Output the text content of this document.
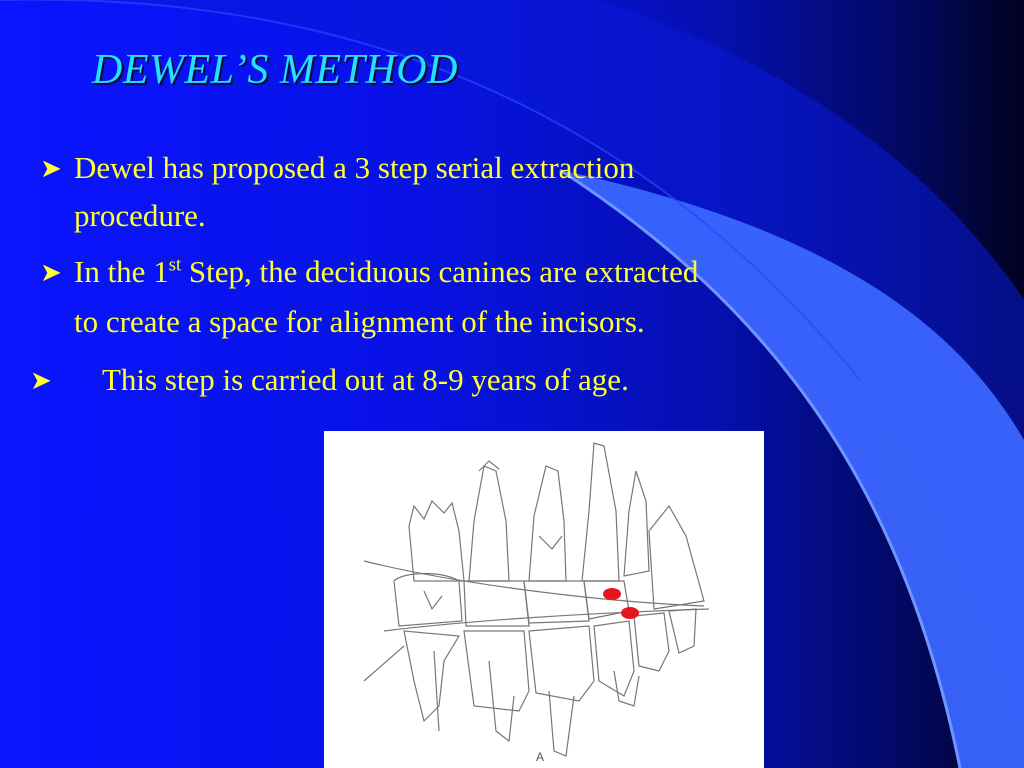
DEWEL’S METHOD
➤ Dewel has proposed a 3 step serial extraction
procedure.
➤ In the 1st Step, the deciduous canines are extracted
to create a space for alignment of the incisors.
➤ This step is carried out at 8-9 years of age.
A
